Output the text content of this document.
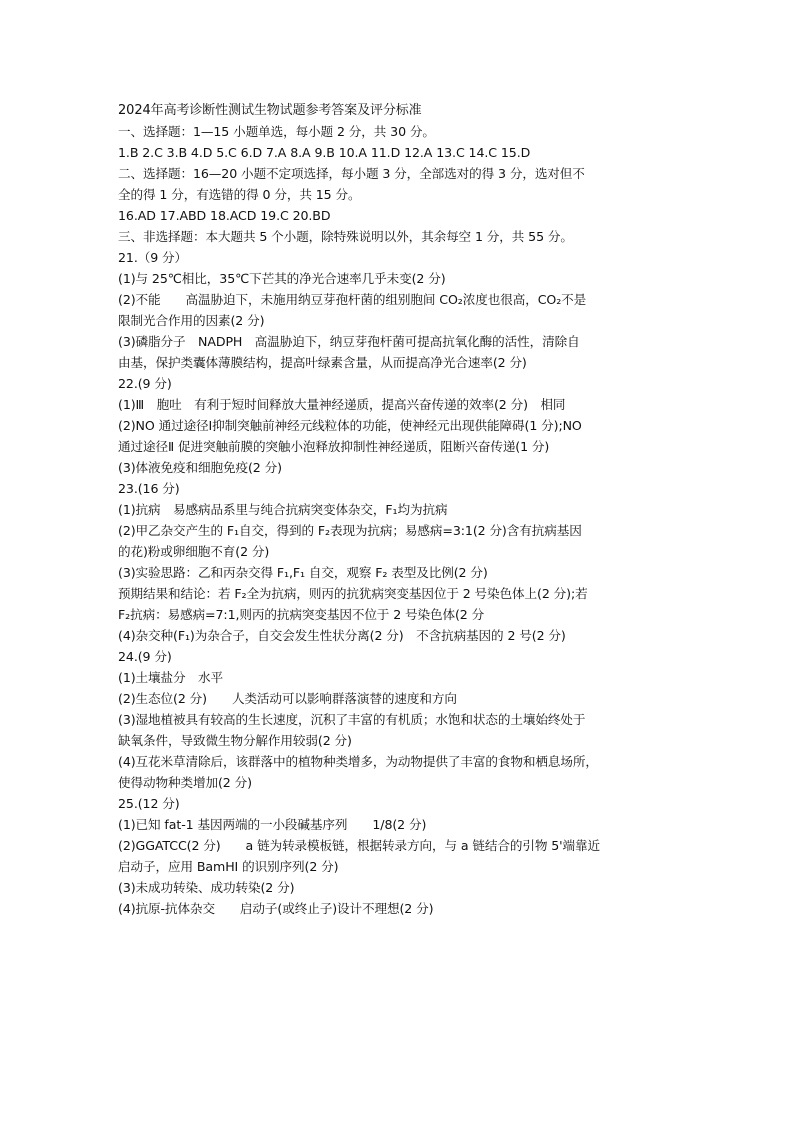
2024年高考诊断性测试生物试题参考答案及评分标准
一、选择题：1—15 小题单选，每小题 2 分，共 30 分。
1.B 2.C 3.B 4.D 5.C 6.D 7.A 8.A 9.B 10.A 11.D 12.A 13.C 14.C 15.D
二、选择题：16—20 小题不定项选择，每小题 3 分，全部选对的得 3 分，选对但不
全的得 1 分，有选错的得 0 分，共 15 分。
16.AD 17.ABD 18.ACD 19.C 20.BD
三、非选择题：本大题共 5 个小题，除特殊说明以外，其余每空 1 分，共 55 分。
21.（9 分）
(1)与 25℃相比，35℃下芒其的净光合速率几乎未变(2 分)
(2)不能　　高温胁迫下，未施用纳豆芽孢杆菌的组别胞间 CO₂浓度也很高，CO₂不是
限制光合作用的因素(2 分)
(3)磷脂分子　NADPH　高温胁迫下，纳豆芽孢杆菌可提高抗氧化酶的活性，清除自
由基，保护类囊体薄膜结构，提高叶绿素含量，从而提高净光合速率(2 分)
22.(9 分)
(1)Ⅲ　胞吐　有利于短时间释放大量神经递质，提高兴奋传递的效率(2 分)　相同
(2)NO 通过途径Ⅰ抑制突触前神经元线粒体的功能，使神经元出现供能障碍(1 分);NO
通过途径Ⅱ 促进突触前膜的突触小泡释放抑制性神经递质，阻断兴奋传递(1 分)
(3)体液免疫和细胞免疫(2 分)
23.(16 分)
(1)抗病　易感病品系里与纯合抗病突变体杂交，F₁均为抗病
(2)甲乙杂交产生的 F₁自交，得到的 F₂表现为抗病；易感病=3:1(2 分)含有抗病基因
的花)粉或卵细胞不育(2 分)
(3)实验思路：乙和丙杂交得 F₁,F₁ 自交，观察 F₂ 表型及比例(2 分)
预期结果和结论：若 F₂全为抗病，则丙的抗犹病突变基因位于 2 号染色体上(2 分);若
F₂抗病：易感病=7:1,则丙的抗病突变基因不位于 2 号染色体(2 分
(4)杂交种(F₁)为杂合子，自交会发生性状分离(2 分)　不含抗病基因的 2 号(2 分)
24.(9 分)
(1)土壤盐分　水平
(2)生态位(2 分)　　人类活动可以影响群落演替的速度和方向
(3)湿地植被具有较高的生长速度，沉积了丰富的有机质；水饱和状态的土壤始终处于
缺氧条件，导致微生物分解作用较弱(2 分)
(4)互花米草清除后，该群落中的植物种类增多，为动物提供了丰富的食物和栖息场所，
使得动物种类增加(2 分)
25.(12 分)
(1)已知 fat-1 基因两端的一小段碱基序列　　1/8(2 分)
(2)GGATCC(2 分)　　a 链为转录模板链，根据转录方向，与 a 链结合的引物 5'端靠近
启动子，应用 BamHI 的识别序列(2 分)
(3)未成功转染、成功转染(2 分)
(4)抗原-抗体杂交　　启动子(或终止子)设计不理想(2 分)
